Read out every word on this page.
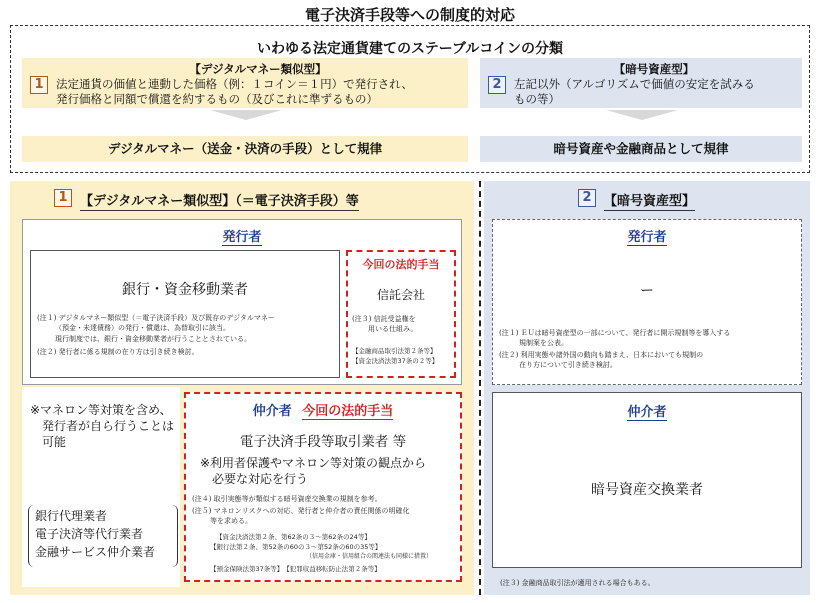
電子決済手段等への制度的対応
いわゆる法定通貨建てのステーブルコインの分類
1
【デジタルマネー類似型】
法定通貨の価値と連動した価格（例：１コイン＝１円）で発行され、
発行価格と同額で償還を約するもの（及びこれに準ずるもの）
2
【暗号資産型】
左記以外（アルゴリズムで価値の安定を試みる
もの等）
デジタルマネー（送金・決済の手段）として規律	暗号資産や金融商品として規律
1 【デジタルマネー類似型】（＝電子決済手段）等
発行者
銀行・資金移動業者
(注１) デジタルマネー類似型（＝電子決済手段）及び既存のデジタルマネー
（預金・未達債務）の発行・償還は、為替取引に該当。
現行制度では、銀行・資金移動業者が行うこととされている。
(注２) 発行者に係る規制の在り方は引き続き検討。
今回の法的手当
信託会社
(注３) 信託受益権を
用いる仕組み。
【金融商品取引法第２条等】
【資金決済法第37条の２等】
※マネロン等対策を含め、
発行者が自ら行うことは
可能
銀行代理業者
電子決済等代行業者
金融サービス仲介業者
仲介者 今回の法的手当
電子決済手段等取引業者 等
※利用者保護やマネロン等対策の観点から
必要な対応を行う
(注４) 取引実態等が類似する暗号資産交換業の規制を参考。
(注５) マネロンリスクへの対応、発行者と仲介者の責任関係の明確化
等を求める。
【資金決済法第２条、第62条の３〜第62条の24等】
【銀行法第２条、第52条の60の３〜第52条の60の35等】
（信用金庫・信用組合の関連法も同様に措置）
【預金保険法第37条等】　【犯罪収益移転防止法第２条等】
2 【暗号資産型】
発行者
ー
(注１) ＥＵは暗号資産型の一部について、発行者に開示規制等を導入する
規制案を公表。
(注２) 利用実態や諸外国の動向も踏まえ、日本においても規制の
在り方について引き続き検討。
仲介者
暗号資産交換業者
(注３) 金融商品取引法が適用される場合もある。
